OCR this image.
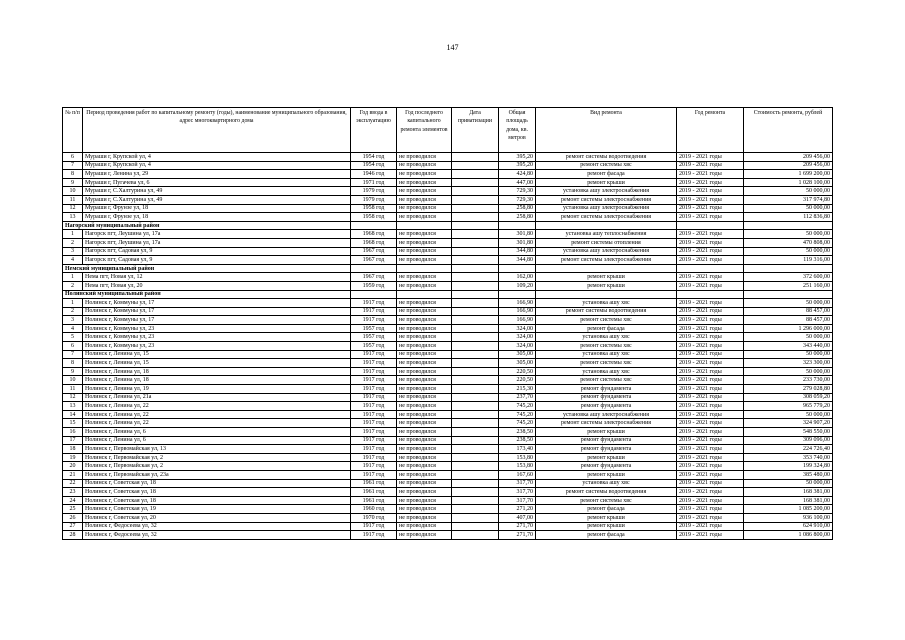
147
№ п/п	Период проведения работ по капитальному ремонту (годы), наименование муниципального образования, адрес многоквартирного дома	Год ввода в эксплуатацию	Год последнего капитального ремонта элементов	Дата приватизации	Общая площадь дома, кв. метров	Вид ремонта	Год ремонта	Стоимость ремонта, рублей
6	Мураши г, Крупской ул, 4	1954 год	не проводился		395,20	ремонт системы водоотведения	2019 - 2021 годы	209 456,00
7	Мураши г, Крупской ул, 4	1954 год	не проводился		395,20	ремонт системы хвс	2019 - 2021 годы	209 456,00
8	Мураши г, Ленина ул, 29	1946 год	не проводился		424,80	ремонт фасада	2019 - 2021 годы	1 699 200,00
9	Мураши г, Пугачева ул, 6	1971 год	не проводился		447,00	ремонт крыши	2019 - 2021 годы	1 028 100,00
10	Мураши г, С.Халтурина ул, 49	1979 год	не проводился		729,30	установка ашу электроснабжения	2019 - 2021 годы	50 000,00
11	Мураши г, С.Халтурина ул, 49	1979 год	не проводился		729,30	ремонт системы электроснабжения	2019 - 2021 годы	317 974,80
12	Мураши г, Фрунзе ул, 18	1958 год	не проводился		258,80	установка ашу электроснабжения	2019 - 2021 годы	50 000,00
13	Мураши г, Фрунзе ул, 18	1958 год	не проводился		258,80	ремонт системы электроснабжения	2019 - 2021 годы	112 836,80
Нагорский муниципальный район								
1	Нагорск пгт, Леушина ул, 17а	1968 год	не проводился		301,80	установка ашу теплоснабжения	2019 - 2021 годы	50 000,00
2	Нагорск пгт, Леушина ул, 17а	1968 год	не проводился		301,80	ремонт системы отопления	2019 - 2021 годы	470 808,00
3	Нагорск пгт, Садовая ул, 9	1967 год	не проводился		344,80	установка ашу электроснабжения	2019 - 2021 годы	50 000,00
4	Нагорск пгт, Садовая ул, 9	1967 год	не проводился		344,80	ремонт системы электроснабжения	2019 - 2021 годы	119 316,00
Немский муниципальный район								
1	Нема пгт, Новая ул, 12	1967 год	не проводился		162,00	ремонт крыши	2019 - 2021 годы	372 600,00
2	Нема пгт, Новая ул, 20	1959 год	не проводился		109,20	ремонт крыши	2019 - 2021 годы	251 160,00
Нолинский муниципальный район								
1	Нолинск г, Коммуны ул, 17	1917 год	не проводился		166,90	установка ашу хвс	2019 - 2021 годы	50 000,00
2	Нолинск г, Коммуны ул, 17	1917 год	не проводился		166,90	ремонт системы водоотведения	2019 - 2021 годы	88 457,00
3	Нолинск г, Коммуны ул, 17	1917 год	не проводился		166,90	ремонт системы хвс	2019 - 2021 годы	88 457,00
4	Нолинск г, Коммуны ул, 23	1957 год	не проводился		324,00	ремонт фасада	2019 - 2021 годы	1 296 000,00
5	Нолинск г, Коммуны ул, 23	1957 год	не проводился		324,00	установка ашу хвс	2019 - 2021 годы	50 000,00
6	Нолинск г, Коммуны ул, 23	1957 год	не проводился		324,00	ремонт системы хвс	2019 - 2021 годы	343 440,00
7	Нолинск г, Ленина ул, 15	1917 год	не проводился		305,00	установка ашу хвс	2019 - 2021 годы	50 000,00
8	Нолинск г, Ленина ул, 15	1917 год	не проводился		305,00	ремонт системы хвс	2019 - 2021 годы	323 300,00
9	Нолинск г, Ленина ул, 18	1917 год	не проводился		220,50	установка ашу хвс	2019 - 2021 годы	50 000,00
10	Нолинск г, Ленина ул, 18	1917 год	не проводился		220,50	ремонт системы хвс	2019 - 2021 годы	233 730,00
11	Нолинск г, Ленина ул, 19	1917 год	не проводился		215,30	ремонт фундамента	2019 - 2021 годы	279 028,80
12	Нолинск г, Ленина ул, 21а	1917 год	не проводился		237,70	ремонт фундамента	2019 - 2021 годы	308 059,20
13	Нолинск г, Ленина ул, 22	1917 год	не проводился		745,20	ремонт фундамента	2019 - 2021 годы	965 779,20
14	Нолинск г, Ленина ул, 22	1917 год	не проводился		745,20	установка ашу электроснабжения	2019 - 2021 годы	50 000,00
15	Нолинск г, Ленина ул, 22	1917 год	не проводился		745,20	ремонт системы электроснабжения	2019 - 2021 годы	324 907,20
16	Нолинск г, Ленина ул, 6	1917 год	не проводился		238,50	ремонт крыши	2019 - 2021 годы	548 550,00
17	Нолинск г, Ленина ул, 6	1917 год	не проводился		238,50	ремонт фундамента	2019 - 2021 годы	309 096,00
18	Нолинск г, Первомайская ул, 13	1917 год	не проводился		173,40	ремонт фундамента	2019 - 2021 годы	224 726,40
19	Нолинск г, Первомайская ул, 2	1917 год	не проводился		153,80	ремонт крыши	2019 - 2021 годы	353 740,00
20	Нолинск г, Первомайская ул, 2	1917 год	не проводился		153,80	ремонт фундамента	2019 - 2021 годы	199 324,80
21	Нолинск г, Первомайская ул, 23а	1917 год	не проводился		167,60	ремонт крыши	2019 - 2021 годы	385 480,00
22	Нолинск г, Советская ул, 18	1961 год	не проводился		317,70	установка ашу хвс	2019 - 2021 годы	50 000,00
23	Нолинск г, Советская ул, 18	1961 год	не проводился		317,70	ремонт системы водоотведения	2019 - 2021 годы	168 381,00
24	Нолинск г, Советская ул, 18	1961 год	не проводился		317,70	ремонт системы хвс	2019 - 2021 годы	168 381,00
25	Нолинск г, Советская ул, 19	1960 год	не проводился		271,20	ремонт фасада	2019 - 2021 годы	1 085 200,00
26	Нолинск г, Советская ул, 20	1970 год	не проводился		407,00	ремонт крыши	2019 - 2021 годы	936 100,00
27	Нолинск г, Федосеева ул, 32	1917 год	не проводился		271,70	ремонт крыши	2019 - 2021 годы	624 910,00
28	Нолинск г, Федосеева ул, 32	1917 год	не проводился		271,70	ремонт фасада	2019 - 2021 годы	1 086 800,00
